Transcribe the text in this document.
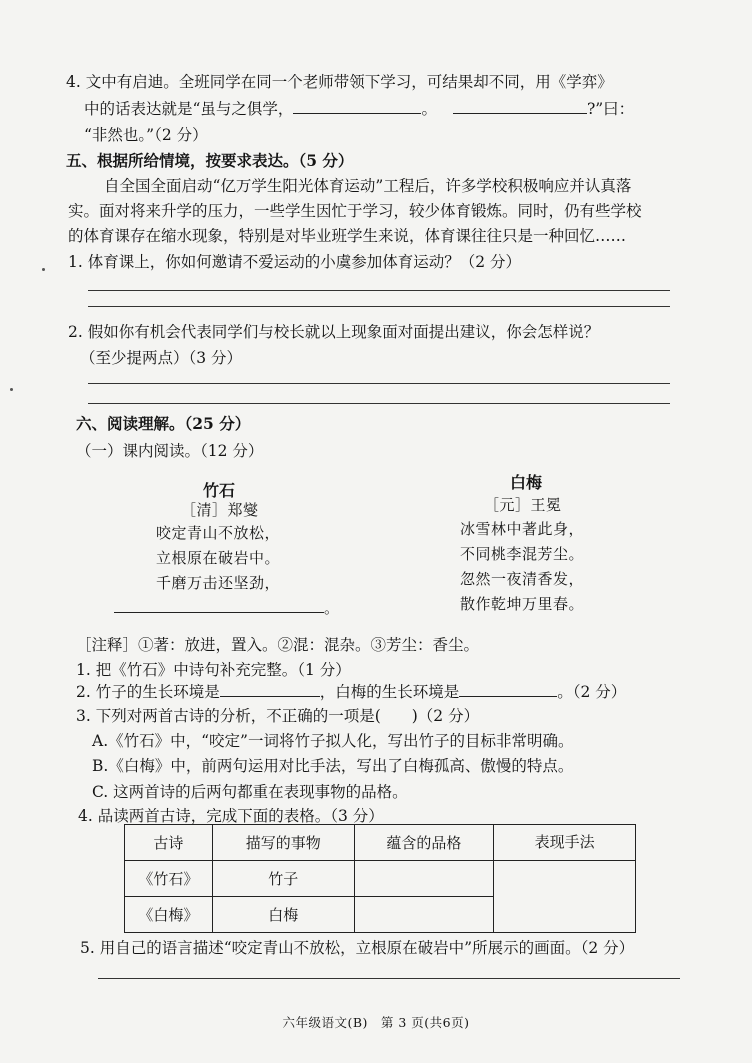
4. 文中有启迪。全班同学在同一个老师带领下学习，可结果却不同，用《学弈》
中的话表达就是“虽与之俱学，	。	?”曰：
“非然也。”（2 分）
五、根据所给情境，按要求表达。（5 分）
自全国全面启动“亿万学生阳光体育运动”工程后，许多学校积极响应并认真落
实。面对将来升学的压力，一些学生因忙于学习，较少体育锻炼。同时，仍有些学校
的体育课存在缩水现象，特别是对毕业班学生来说，体育课往往只是一种回忆……
1. 体育课上，你如何邀请不爱运动的小虞参加体育运动？（2 分）
2. 假如你有机会代表同学们与校长就以上现象面对面提出建议，你会怎样说？
（至少提两点）（3 分）
六、阅读理解。（25 分）
（一）课内阅读。（12 分）
竹石
［清］郑燮
咬定青山不放松，
立根原在破岩中。
千磨万击还坚劲，
。
白梅
［元］王冕
冰雪林中著此身，
不同桃李混芳尘。
忽然一夜清香发，
散作乾坤万里春。
［注释］①著：放进，置入。②混：混杂。③芳尘：香尘。
1. 把《竹石》中诗句补充完整。（1 分）
2. 竹子的生长环境是	，白梅的生长环境是	。（2 分）
3. 下列对两首古诗的分析，不正确的一项是(　　)（2 分）
A.《竹石》中，“咬定”一词将竹子拟人化，写出竹子的目标非常明确。
B.《白梅》中，前两句运用对比手法，写出了白梅孤高、傲慢的特点。
C. 这两首诗的后两句都重在表现事物的品格。
4. 品读两首古诗，完成下面的表格。（3 分）
古诗	描写的事物	蕴含的品格	表现手法
《竹石》	竹子		
《白梅》	白梅		
5. 用自己的语言描述“咬定青山不放松，立根原在破岩中”所展示的画面。（2 分）
六年级语文(B)　第 3 页(共6页)
